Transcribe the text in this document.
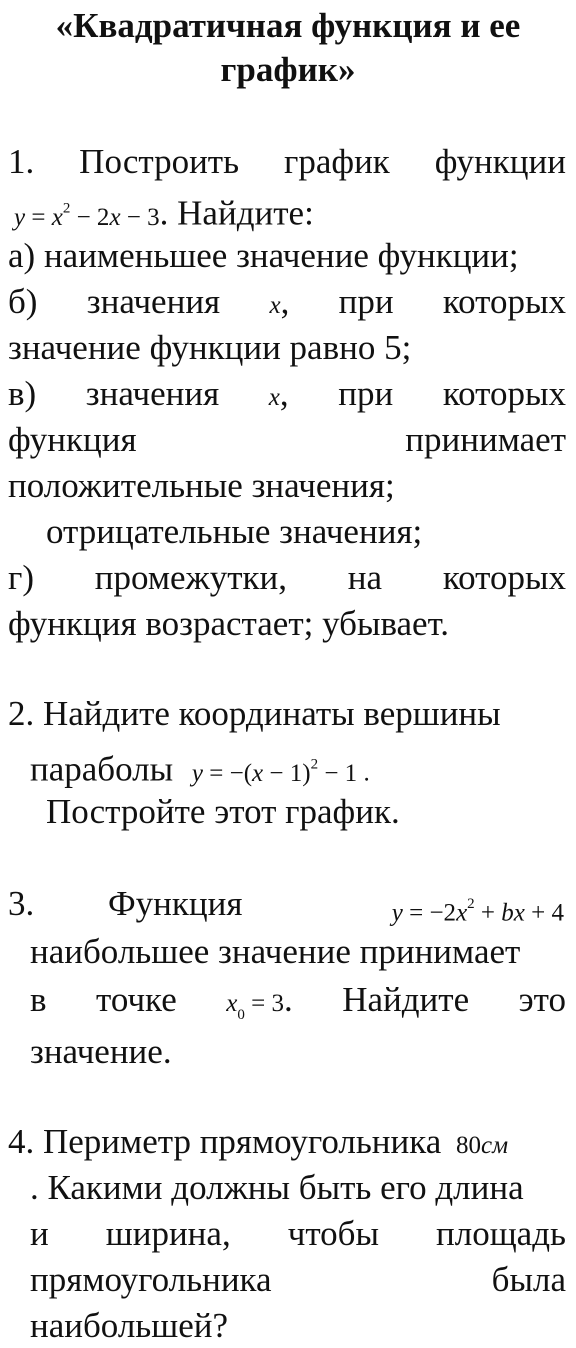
«Квадратичная функция и ее
график»
1. Построить график функции
$y = x^2 - 2x - 3$. Найдите:
а) наименьшее значение функции;
б) значения x, при которых
значение функции равно 5;
в) значения x, при которых
функция	принимает
положительные значения;
отрицательные значения;
г) промежутки, на которых
функция возрастает; убывает.
2. Найдите координаты вершины
параболы $y = -(x - 1)^2 - 1$ .
Постройте этот график.
3. Функция	$y = -2x^2$ + bx + 4
наибольшее значение принимает
в точке $x_0 = 3$. Найдите это
значение.
4. Периметр прямоугольника 80см
. Какими должны быть его длина
и ширина, чтобы площадь
прямоугольника	была
наибольшей?
